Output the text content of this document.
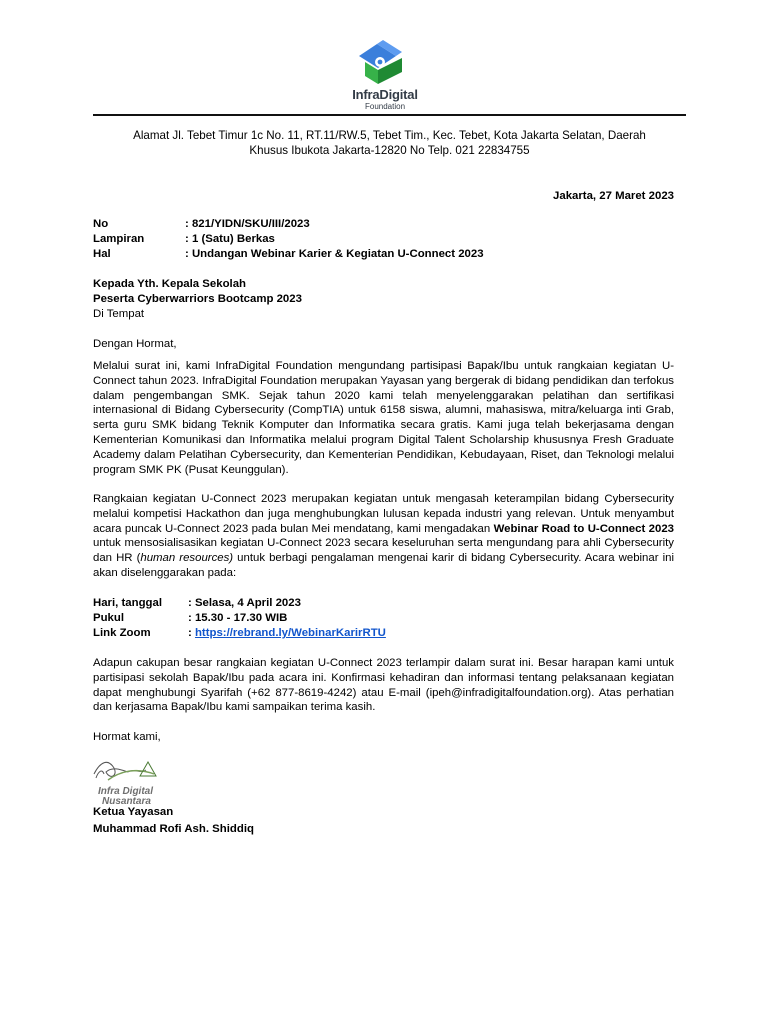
InfraDigital
Foundation
Alamat Jl. Tebet Timur 1c No. 11, RT.11/RW.5, Tebet Tim., Kec. Tebet, Kota Jakarta Selatan, Daerah
Khusus Ibukota Jakarta-12820 No Telp. 021 22834755
Jakarta, 27 Maret 2023
No	: 821/YIDN/SKU/III/2023
Lampiran	: 1 (Satu) Berkas
Hal	: Undangan Webinar Karier & Kegiatan U-Connect 2023
Kepada Yth. Kepala Sekolah
Peserta Cyberwarriors Bootcamp 2023
Di Tempat
Dengan Hormat,
Melalui surat ini, kami InfraDigital Foundation mengundang partisipasi Bapak/Ibu untuk rangkaian kegiatan U-Connect tahun 2023. InfraDigital Foundation merupakan Yayasan yang bergerak di bidang pendidikan dan terfokus dalam pengembangan SMK. Sejak tahun 2020 kami telah menyelenggarakan pelatihan dan sertifikasi internasional di Bidang Cybersecurity (CompTIA) untuk 6158 siswa, alumni, mahasiswa, mitra/keluarga inti Grab, serta guru SMK bidang Teknik Komputer dan Informatika secara gratis. Kami juga telah bekerjasama dengan Kementerian Komunikasi dan Informatika melalui program Digital Talent Scholarship khususnya Fresh Graduate Academy dalam Pelatihan Cybersecurity, dan Kementerian Pendidikan, Kebudayaan, Riset, dan Teknologi melalui program SMK PK (Pusat Keunggulan).
Rangkaian kegiatan U-Connect 2023 merupakan kegiatan untuk mengasah keterampilan bidang Cybersecurity melalui kompetisi Hackathon dan juga menghubungkan lulusan kepada industri yang relevan. Untuk menyambut acara puncak U-Connect 2023 pada bulan Mei mendatang, kami mengadakan Webinar Road to U-Connect 2023 untuk mensosialisasikan kegiatan U-Connect 2023 secara keseluruhan serta mengundang para ahli Cybersecurity dan HR (human resources) untuk berbagi pengalaman mengenai karir di bidang Cybersecurity. Acara webinar ini akan diselenggarakan pada:
Hari, tanggal : Selasa, 4 April 2023
Pukul	: 15.30 - 17.30 WIB
Link Zoom	: https://rebrand.ly/WebinarKarirRTU
Adapun cakupan besar rangkaian kegiatan U-Connect 2023 terlampir dalam surat ini. Besar harapan kami untuk partisipasi sekolah Bapak/Ibu pada acara ini. Konfirmasi kehadiran dan informasi tentang pelaksanaan kegiatan dapat menghubungi Syarifah (+62 877-8619-4242) atau E-mail (ipeh@infradigitalfoundation.org). Atas perhatian dan kerjasama Bapak/Ibu kami sampaikan terima kasih.
Hormat kami,
Infra Digital
Nusantara
Ketua Yayasan
Muhammad Rofi Ash. Shiddiq
